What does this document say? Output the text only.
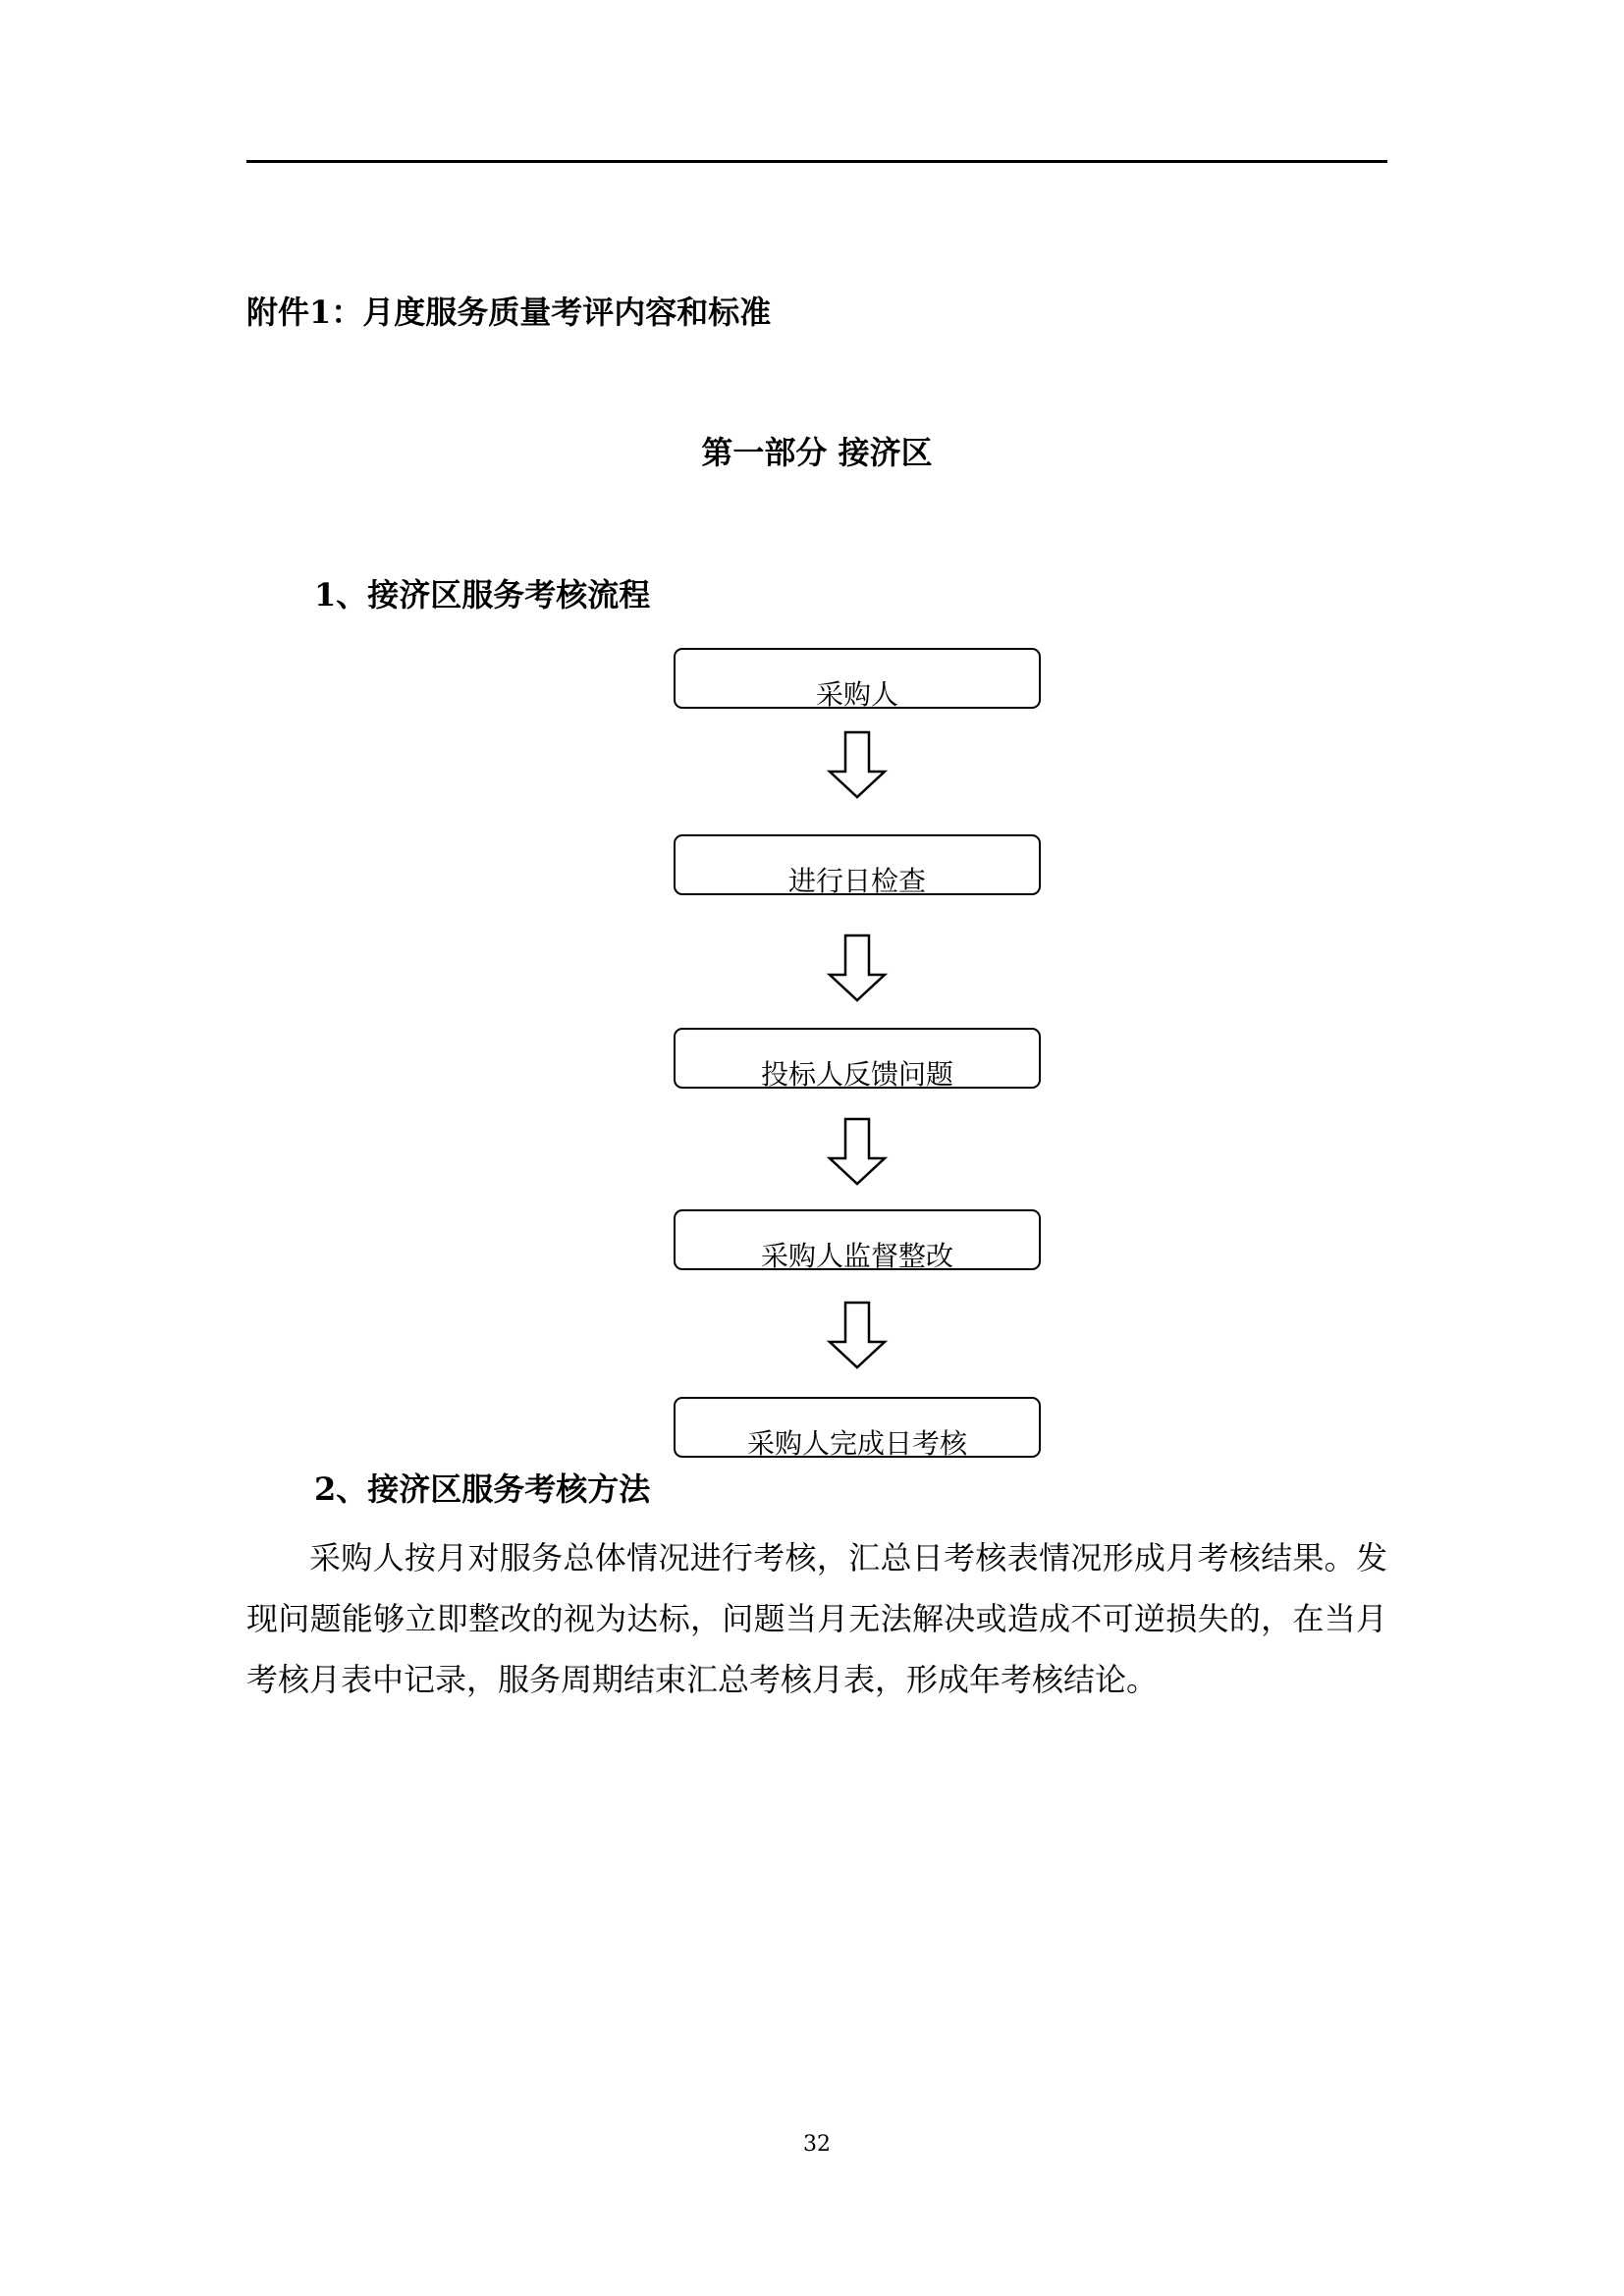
附件1：月度服务质量考评内容和标准
第一部分 接济区
1、接济区服务考核流程
采购人
进行日检查
投标人反馈问题
采购人监督整改
采购人完成日考核
2、接济区服务考核方法

采购人按月对服务总体情况进行考核，汇总日考核表情况形成月考核结果。发现问题能够立即整改的视为达标，问题当月无法解决或造成不可逆损失的，在当月考核月表中记录，服务周期结束汇总考核月表，形成年考核结论。

32
